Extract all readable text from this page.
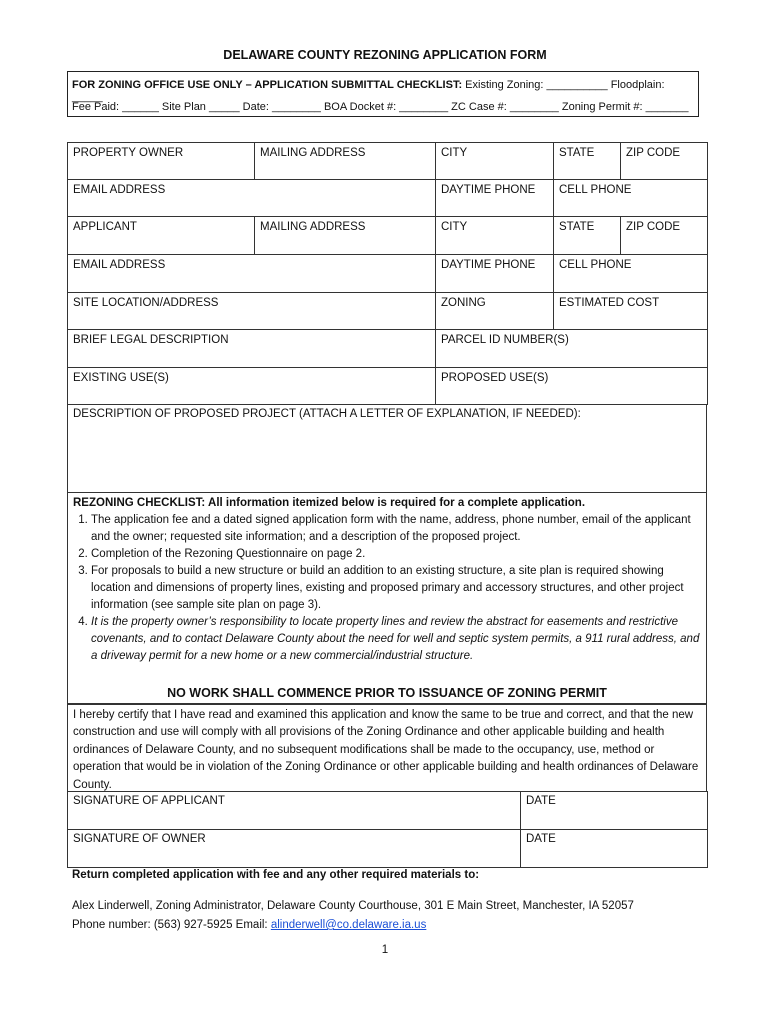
DELAWARE COUNTY REZONING APPLICATION FORM
FOR ZONING OFFICE USE ONLY – APPLICATION SUBMITTAL CHECKLIST: Existing Zoning: __________ Floodplain: _____
Fee Paid: ______ Site Plan _____ Date: ________ BOA Docket #: ________ ZC Case #: ________ Zoning Permit #: _______
PROPERTY OWNER	MAILING ADDRESS	CITY	STATE	ZIP CODE
EMAIL ADDRESS		DAYTIME PHONE	CELL PHONE	
APPLICANT	MAILING ADDRESS	CITY	STATE	ZIP CODE
EMAIL ADDRESS		DAYTIME PHONE	CELL PHONE	
SITE LOCATION/ADDRESS		ZONING	ESTIMATED COST	
BRIEF LEGAL DESCRIPTION		PARCEL ID NUMBER(S)		
EXISTING USE(S)		PROPOSED USE(S)		
DESCRIPTION OF PROPOSED PROJECT (ATTACH A LETTER OF EXPLANATION, IF NEEDED):
REZONING CHECKLIST: All information itemized below is required for a complete application.
1. The application fee and a dated signed application form with the name, address, phone number, email of the applicant and the owner; requested site information; and a description of the proposed project.
2. Completion of the Rezoning Questionnaire on page 2.
3. For proposals to build a new structure or build an addition to an existing structure, a site plan is required showing location and dimensions of property lines, existing and proposed primary and accessory structures, and other project information (see sample site plan on page 3).
4. It is the property owner’s responsibility to locate property lines and review the abstract for easements and restrictive covenants, and to contact Delaware County about the need for well and septic system permits, a 911 rural address, and a driveway permit for a new home or a new commercial/industrial structure.
NO WORK SHALL COMMENCE PRIOR TO ISSUANCE OF ZONING PERMIT
I hereby certify that I have read and examined this application and know the same to be true and correct, and that the new construction and use will comply with all provisions of the Zoning Ordinance and other applicable building and health ordinances of Delaware County, and no subsequent modifications shall be made to the occupancy, use, method or operation that would be in violation of the Zoning Ordinance or other applicable building and health ordinances of Delaware County.
SIGNATURE OF APPLICANT	DATE
SIGNATURE OF OWNER	DATE
Return completed application with fee and any other required materials to:
Alex Linderwell, Zoning Administrator, Delaware County Courthouse, 301 E Main Street, Manchester, IA 52057
Phone number: (563) 927-5925 Email: alinderwell@co.delaware.ia.us
1
